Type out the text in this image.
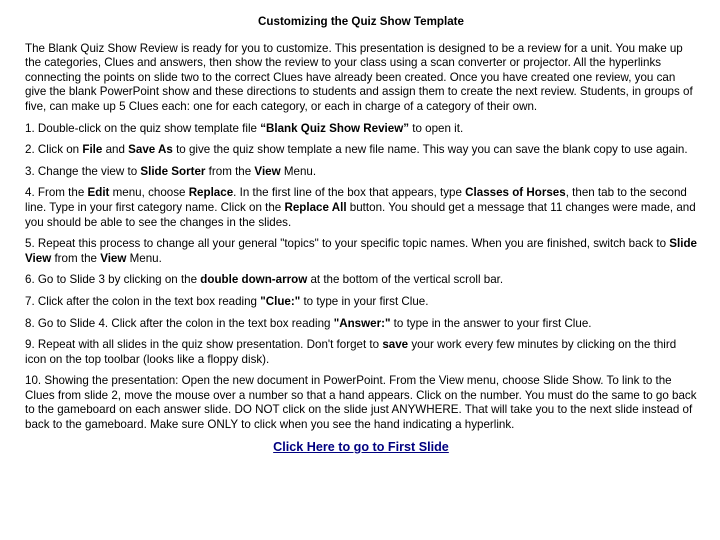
Customizing the Quiz Show Template
The Blank Quiz Show Review is ready for you to customize. This presentation is designed to be a review for a unit. You make up the categories, Clues and answers, then show the review to your class using a scan converter or projector. All the hyperlinks connecting the points on slide two to the correct Clues have already been created. Once you have created one review, you can give the blank PowerPoint show and these directions to students and assign them to create the next review. Students, in groups of five, can make up 5 Clues each: one for each category, or each in charge of a category of their own.
1. Double-click on the quiz show template file “Blank Quiz Show Review” to open it.
2. Click on File and Save As to give the quiz show template a new file name. This way you can save the blank copy to use again.
3. Change the view to Slide Sorter from the View Menu.
4. From the Edit menu, choose Replace. In the first line of the box that appears, type Classes of Horses, then tab to the second line. Type in your first category name. Click on the Replace All button. You should get a message that 11 changes were made, and you should be able to see the changes in the slides.
5. Repeat this process to change all your general "topics" to your specific topic names. When you are finished, switch back to Slide View from the View Menu.
6. Go to Slide 3 by clicking on the double down-arrow at the bottom of the vertical scroll bar.
7. Click after the colon in the text box reading "Clue:" to type in your first Clue.
8. Go to Slide 4. Click after the colon in the text box reading "Answer:" to type in the answer to your first Clue.
9. Repeat with all slides in the quiz show presentation. Don't forget to save your work every few minutes by clicking on the third icon on the top toolbar (looks like a floppy disk).
10. Showing the presentation: Open the new document in PowerPoint. From the View menu, choose Slide Show. To link to the Clues from slide 2, move the mouse over a number so that a hand appears. Click on the number. You must do the same to go back to the gameboard on each answer slide. DO NOT click on the slide just ANYWHERE. That will take you to the next slide instead of back to the gameboard. Make sure ONLY to click when you see the hand indicating a hyperlink.
Click Here to go to First Slide
